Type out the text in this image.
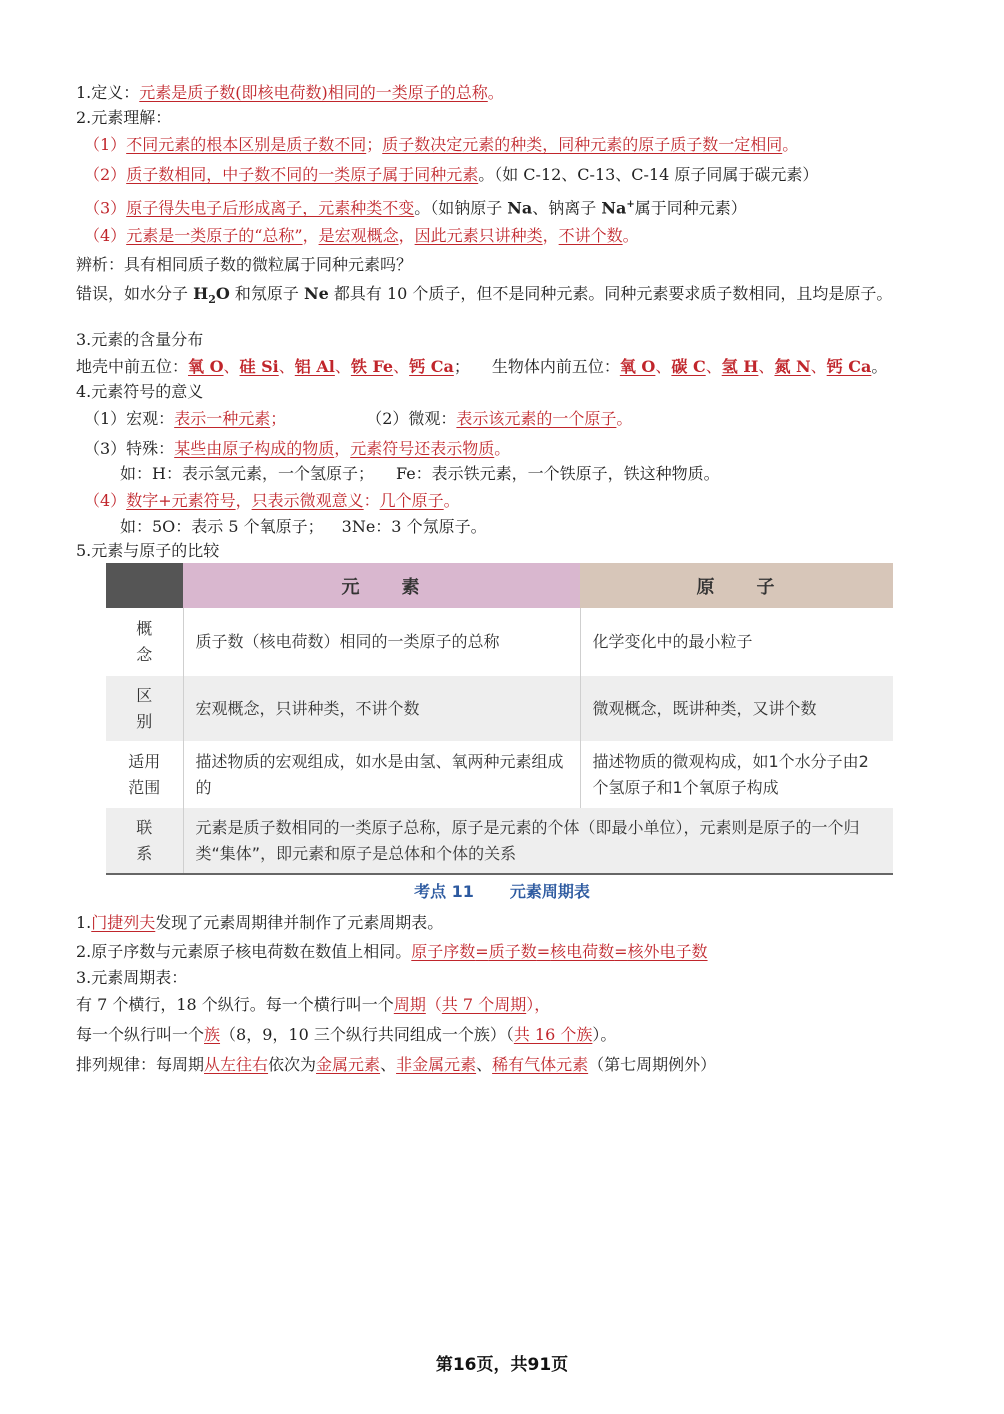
1.定义：元素是质子数(即核电荷数)相同的一类原子的总称。
2.元素理解：
（1）不同元素的根本区别是质子数不同；质子数决定元素的种类，同种元素的原子质子数一定相同。
（2）质子数相同，中子数不同的一类原子属于同种元素。（如 C-12、C-13、C-14 原子同属于碳元素）
（3）原子得失电子后形成离子，元素种类不变。（如钠原子 Na、钠离子 Na+属于同种元素）
（4）元素是一类原子的“总称”，是宏观概念，因此元素只讲种类，不讲个数。
辨析：具有相同质子数的微粒属于同种元素吗？
错误，如水分子 $H_2O$ 和氖原子 Ne 都具有 10 个质子，但不是同种元素。同种元素要求质子数相同，且均是原子。
3.元素的含量分布
地壳中前五位：氧 O、硅 Si、铝 Al、铁 Fe、钙 Ca； 生物体内前五位：氧 O、碳 C、氢 H、氮 N、钙 Ca。
4.元素符号的意义
（1）宏观：表示一种元素；	（2）微观：表示该元素的一个原子。
（3）特殊：某些由原子构成的物质，元素符号还表示物质。
如：H：表示氢元素，一个氢原子； Fe：表示铁元素，一个铁原子，铁这种物质。
（4）数字+元素符号，只表示微观意义：几个原子。
如：5O：表示 5 个氧原子； 3Ne：3 个氖原子。
5.元素与原子的比较
	元　　素	原　　子
概
念	质子数（核电荷数）相同的一类原子的总称	化学变化中的最小粒子
区
别	宏观概念，只讲种类，不讲个数	微观概念，既讲种类，又讲个数
适用
范围	描述物质的宏观组成，如水是由氢、氧两种元素组成的	描述物质的微观构成，如1个水分子由2个氢原子和1个氧原子构成
联
系	元素是质子数相同的一类原子总称，原子是元素的个体（即最小单位），元素则是原子的一个归类“集体”，即元素和原子是总体和个体的关系	
考点 11 元素周期表
1.门捷列夫发现了元素周期律并制作了元素周期表。
2.原子序数与元素原子核电荷数在数值上相同。原子序数=质子数=核电荷数=核外电子数
3.元素周期表：
有 7 个横行，18 个纵行。每一个横行叫一个周期（共 7 个周期），
每一个纵行叫一个族（8，9，10 三个纵行共同组成一个族）（共 16 个族）。
排列规律：每周期从左往右依次为金属元素、非金属元素、稀有气体元素（第七周期例外）
第16页，共91页
